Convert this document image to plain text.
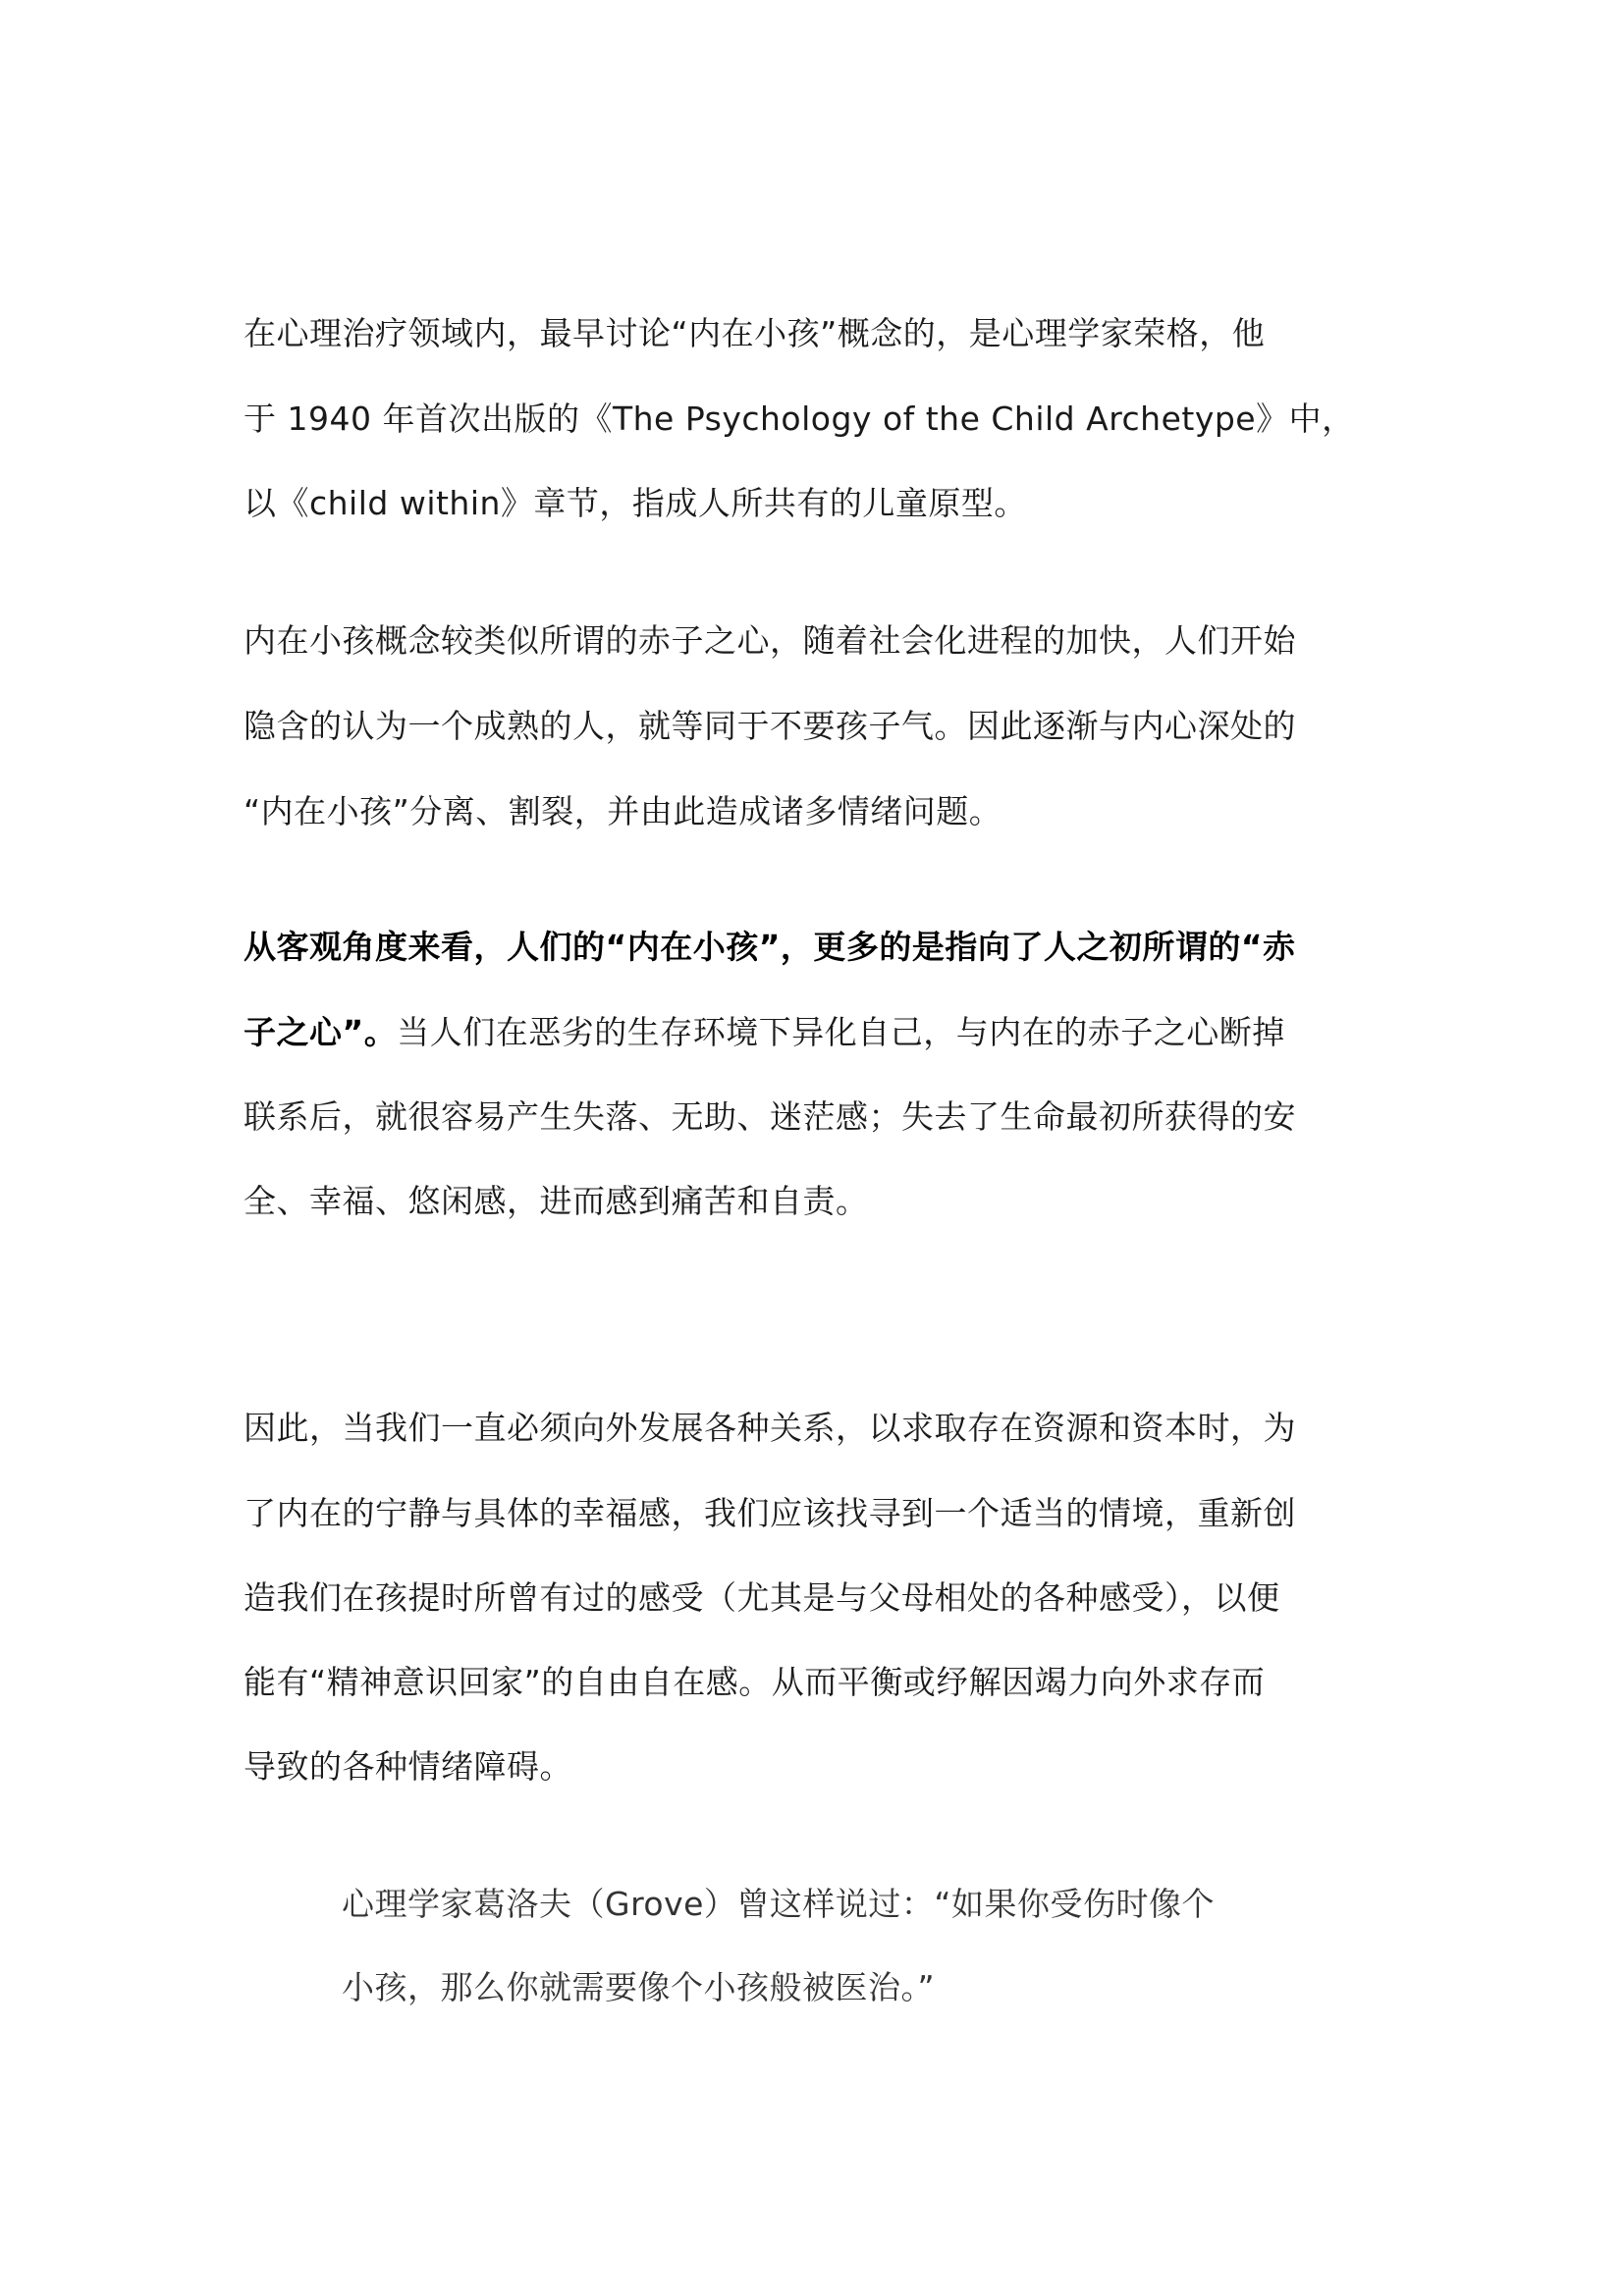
在心理治疗领域内，最早讨论“内在小孩”概念的，是心理学家荣格，他
于 1940 年首次出版的《The Psychology of the Child Archetype》中，
以《child within》章节，指成人所共有的儿童原型。
内在小孩概念较类似所谓的赤子之心，随着社会化进程的加快，人们开始
隐含的认为一个成熟的人，就等同于不要孩子气。因此逐渐与内心深处的
“内在小孩”分离、割裂，并由此造成诸多情绪问题。
从客观角度来看，人们的“内在小孩”，更多的是指向了人之初所谓的“赤
子之心”。当人们在恶劣的生存环境下异化自己，与内在的赤子之心断掉
联系后，就很容易产生失落、无助、迷茫感；失去了生命最初所获得的安
全、幸福、悠闲感，进而感到痛苦和自责。
因此，当我们一直必须向外发展各种关系，以求取存在资源和资本时，为
了内在的宁静与具体的幸福感，我们应该找寻到一个适当的情境，重新创
造我们在孩提时所曾有过的感受（尤其是与父母相处的各种感受），以便
能有“精神意识回家”的自由自在感。从而平衡或纾解因竭力向外求存而
导致的各种情绪障碍。
心理学家葛洛夫（Grove）曾这样说过：“如果你受伤时像个
小孩，那么你就需要像个小孩般被医治。”
